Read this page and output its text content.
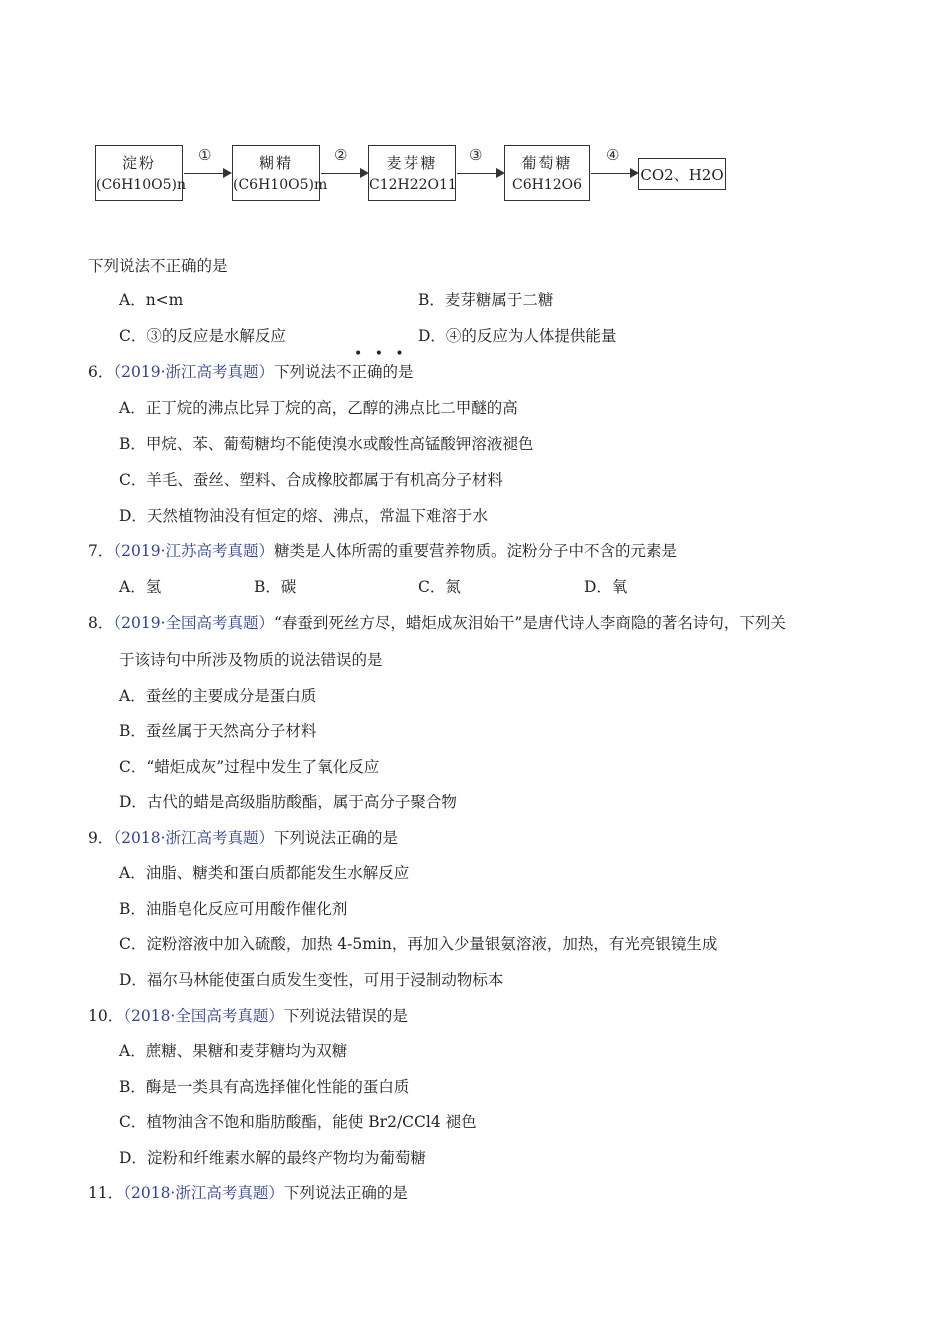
淀粉
(C6H10O5)n
①	糊精
(C6H10O5)m
②	麦芽糖
C12H22O11
③	葡萄糖
C6H12O6
④
CO2、H2O
下列说法不正确的是
A．n<m	B．麦芽糖属于二糖
C．③的反应是水解反应	D．④的反应为人体提供能量
• • •
6．（2019·浙江高考真题）下列说法不正确的是
A．正丁烷的沸点比异丁烷的高，乙醇的沸点比二甲醚的高
B．甲烷、苯、葡萄糖均不能使溴水或酸性高锰酸钾溶液褪色
C．羊毛、蚕丝、塑料、合成橡胶都属于有机高分子材料
D．天然植物油没有恒定的熔、沸点，常温下难溶于水
7．（2019·江苏高考真题）糖类是人体所需的重要营养物质。淀粉分子中不含的元素是
A．氢	B．碳	C．氮	D．氧
8．（2019·全国高考真题）“春蚕到死丝方尽，蜡炬成灰泪始干”是唐代诗人李商隐的著名诗句，下列关
于该诗句中所涉及物质的说法错误的是
A．蚕丝的主要成分是蛋白质
B．蚕丝属于天然高分子材料
C．“蜡炬成灰”过程中发生了氧化反应
D．古代的蜡是高级脂肪酸酯，属于高分子聚合物
9．（2018·浙江高考真题）下列说法正确的是
A．油脂、糖类和蛋白质都能发生水解反应
B．油脂皂化反应可用酸作催化剂
C．淀粉溶液中加入硫酸，加热 4-5min，再加入少量银氨溶液，加热，有光亮银镜生成
D．福尔马林能使蛋白质发生变性，可用于浸制动物标本
10．（2018·全国高考真题）下列说法错误的是
A．蔗糖、果糖和麦芽糖均为双糖
B．酶是一类具有高选择催化性能的蛋白质
C．植物油含不饱和脂肪酸酯，能使 Br2/CCl4 褪色
D．淀粉和纤维素水解的最终产物均为葡萄糖
11．（2018·浙江高考真题）下列说法正确的是
